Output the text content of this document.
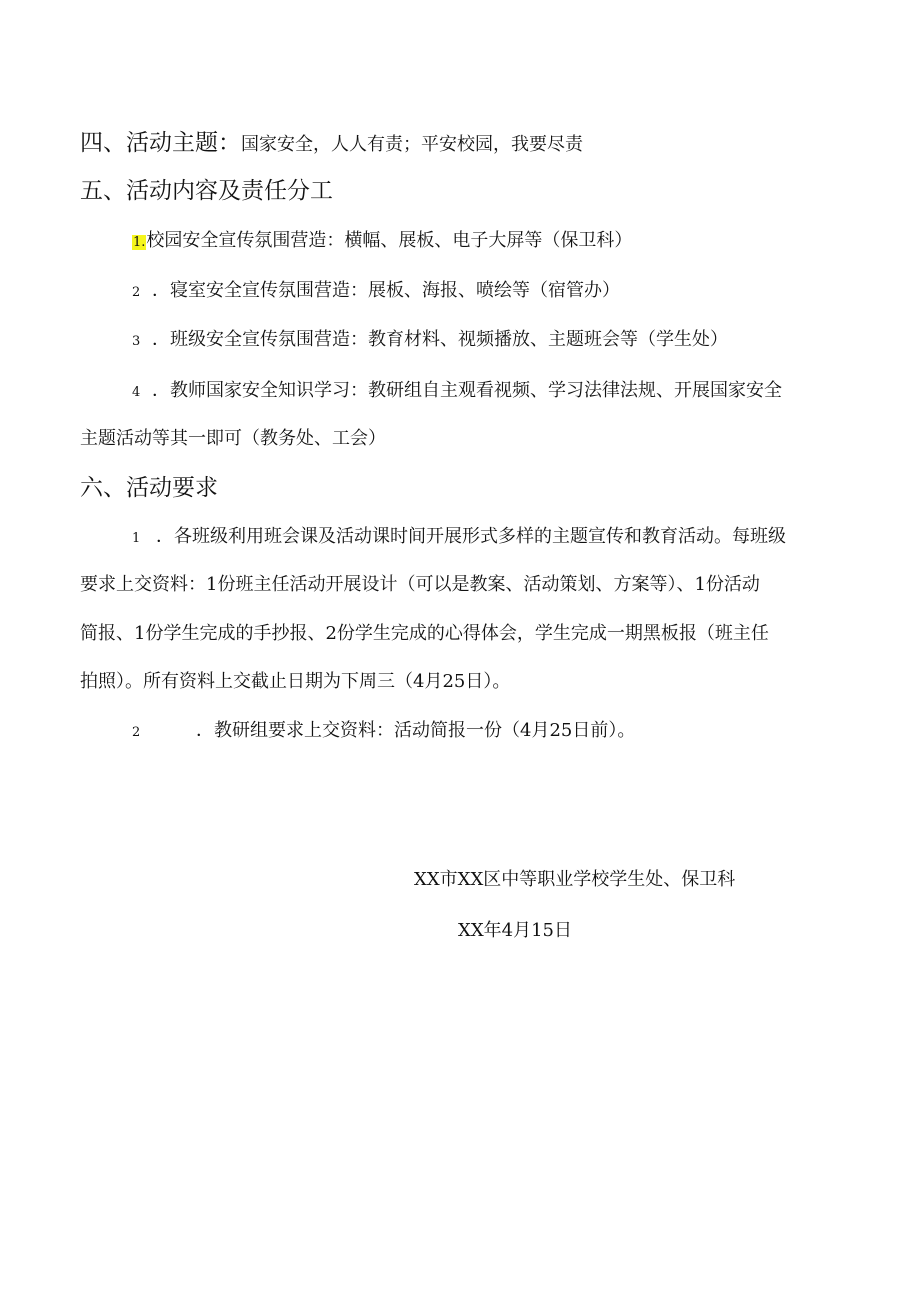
四、活动主题：国家安全，人人有责；平安校园，我要尽责
五、活动内容及责任分工
1.校园安全宣传氛围营造：横幅、展板、电子大屏等（保卫科）
2 ．寝室安全宣传氛围营造：展板、海报、喷绘等（宿管办）
3 ．班级安全宣传氛围营造：教育材料、视频播放、主题班会等（学生处）
4 ．教师国家安全知识学习：教研组自主观看视频、学习法律法规、开展国家安全
主题活动等其一即可（教务处、工会）
六、活动要求
1 ．各班级利用班会课及活动课时间开展形式多样的主题宣传和教育活动。每班级
要求上交资料：1份班主任活动开展设计（可以是教案、活动策划、方案等）、1份活动
简报、1份学生完成的手抄报、2份学生完成的心得体会，学生完成一期黑板报（班主任
拍照）。所有资料上交截止日期为下周三（4月25日）。
2	．教研组要求上交资料：活动简报一份（4月25日前）。
XX市XX区中等职业学校学生处、保卫科
XX年4月15日
